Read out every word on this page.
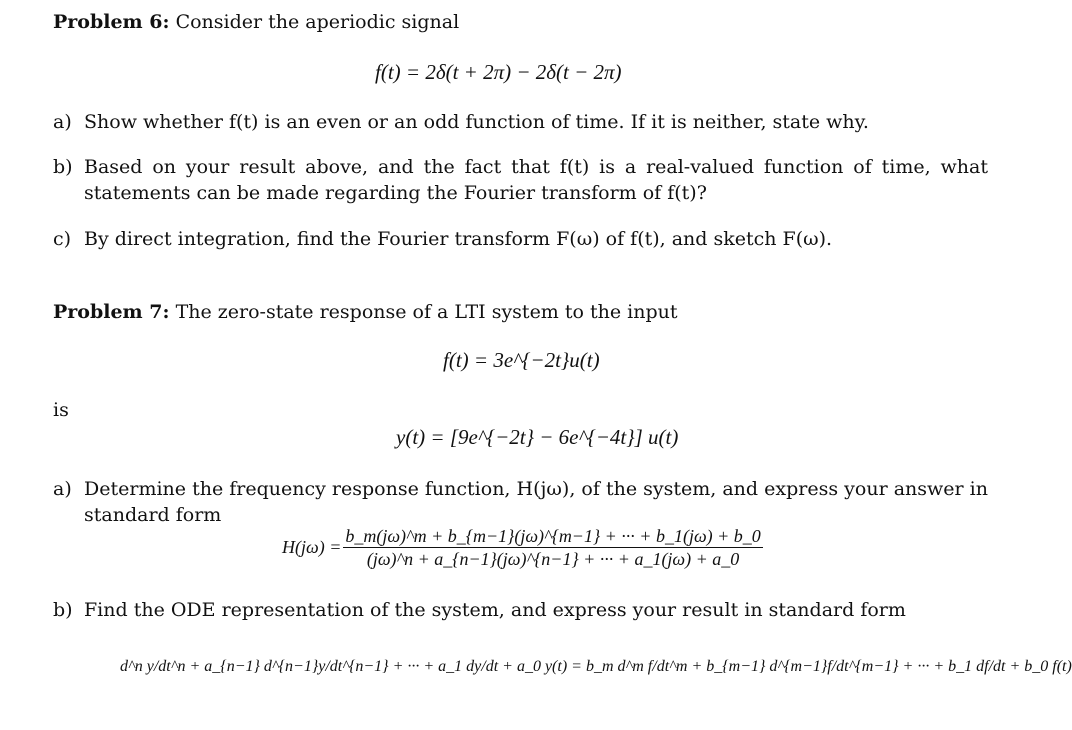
Problem 6: Consider the aperiodic signal
f(t) = 2δ(t + 2π) − 2δ(t − 2π)
a) Show whether f(t) is an even or an odd function of time. If it is neither, state why.
b) Based on your result above, and the fact that f(t) is a real-valued function of time, what
statements can be made regarding the Fourier transform of f(t)?
c) By direct integration, find the Fourier transform F(ω) of f(t), and sketch F(ω).
Problem 7: The zero-state response of a LTI system to the input
f(t) = 3e^{−2t}u(t)
is
y(t) = [9e^{−2t} − 6e^{−4t}] u(t)
a) Determine the frequency response function, H(jω), of the system, and express your answer in
standard form
$H(j\omega) = \frac{b\_m(j\omega)\^{}m + b\_\{m-1\}(j\omega)\^{}\{m-1\} + \cdot\cdot\cdot + b\_1(j\omega) + b\_0}{(j\omega)\^{}n + a\_\{n-1\}(j\omega)\^{}\{n-1\} + \cdot\cdot\cdot + a\_1(j\omega) + a\_0}$
b) Find the ODE representation of the system, and express your result in standard form
d^n y/dt^n + a_{n−1} d^{n−1}y/dt^{n−1} + ··· + a_1 dy/dt + a_0 y(t) = b_m d^m f/dt^m + b_{m−1} d^{m−1}f/dt^{m−1} + ··· + b_1 df/dt + b_0 f(t)
